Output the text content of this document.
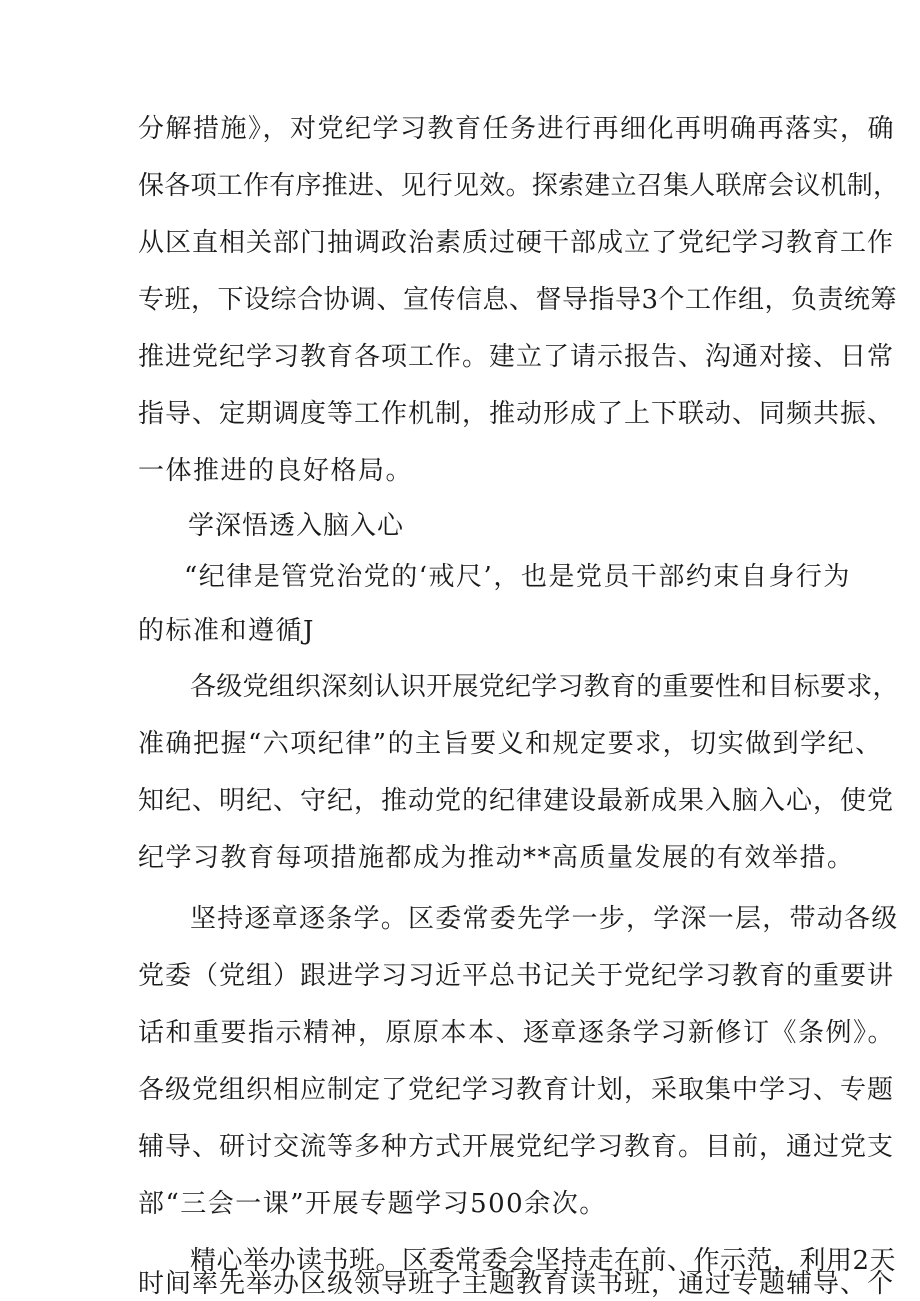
分解措施》，对党纪学习教育任务进行再细化再明确再落实，确
保各项工作有序推进、见行见效。探索建立召集人联席会议机制，
从区直相关部门抽调政治素质过硬干部成立了党纪学习教育工作
专班，下设综合协调、宣传信息、督导指导3个工作组，负责统筹
推进党纪学习教育各项工作。建立了请示报告、沟通对接、日常
指导、定期调度等工作机制，推动形成了上下联动、同频共振、
一体推进的良好格局。
学深悟透入脑入心
“纪律是管党治党的‘戒尺’，也是党员干部约束自身行为
的标准和遵循J
各级党组织深刻认识开展党纪学习教育的重要性和目标要求，
准确把握“六项纪律”的主旨要义和规定要求，切实做到学纪、
知纪、明纪、守纪，推动党的纪律建设最新成果入脑入心，使党
纪学习教育每项措施都成为推动**高质量发展的有效举措。
坚持逐章逐条学。区委常委先学一步，学深一层，带动各级
党委（党组）跟进学习习近平总书记关于党纪学习教育的重要讲
话和重要指示精神，原原本本、逐章逐条学习新修订《条例》。
各级党组织相应制定了党纪学习教育计划，采取集中学习、专题
辅导、研讨交流等多种方式开展党纪学习教育。目前，通过党支
部“三会一课”开展专题学习500余次。
精心举办读书班。区委常委会坚持走在前、作示范，利用2天
时间率先举办区级领导班子主题教育读书班，通过专题辅导、个
